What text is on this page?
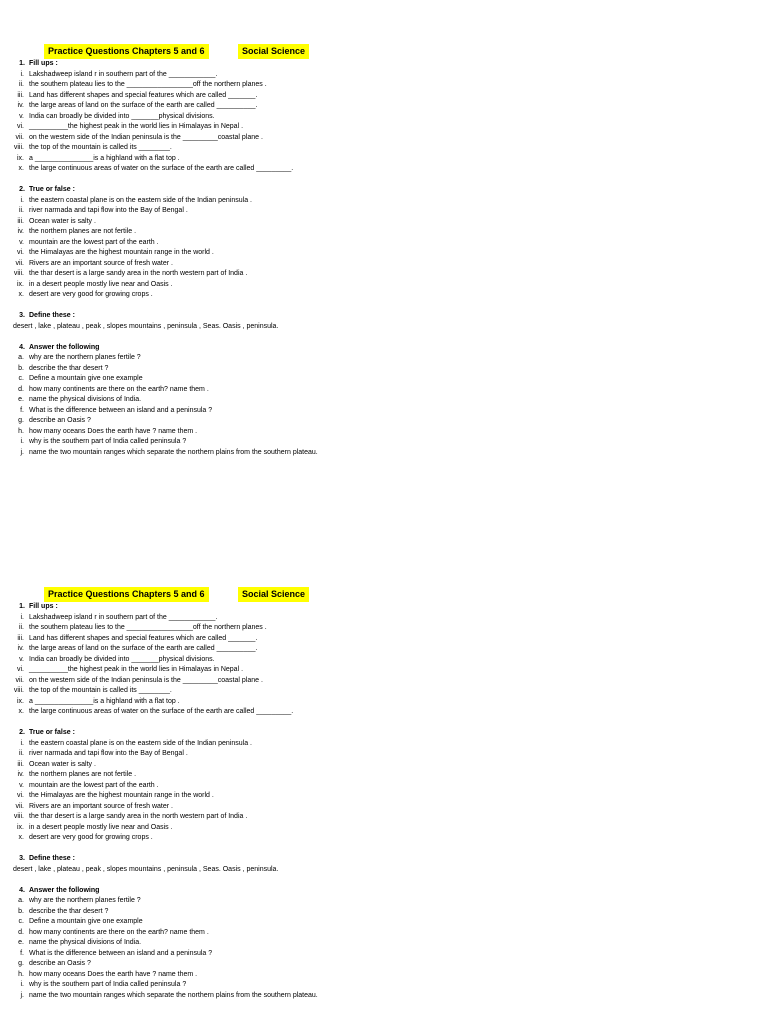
Practice Questions Chapters 5 and 6	Social Science
1. Fill ups :
i. Lakshadweep island r in southern part of the ____________.
ii. the southern plateau lies to the _________________off the northern planes .
iii. Land has different shapes and special features which are called _______.
iv. the large areas of land on the surface of the earth are called __________.
v. India can broadly be divided into _______physical divisions.
vi. __________the highest peak in the world lies in Himalayas in Nepal .
vii. on the western side of the Indian peninsula is the _________coastal plane .
viii. the top of the mountain is called its ________.
ix. a _______________is a highland with a flat top .
x. the large continuous areas of water on the surface of the earth are called _________.
2. True or false :
i. the eastern coastal plane is on the eastern side of the Indian peninsula .
ii. river narmada and tapi flow into the Bay of Bengal .
iii. Ocean water is salty .
iv. the northern planes are not fertile .
v. mountain are the lowest part of the earth .
vi. the Himalayas are the highest mountain range in the world .
vii. Rivers are an important source of fresh water .
viii. the thar desert is a large sandy area in the north western part of India .
ix. in a desert people mostly live near and Oasis .
x. desert are very good for growing crops .
3. Define these :
desert , lake , plateau , peak , slopes mountains , peninsula , Seas. Oasis , peninsula.
4. Answer the following
a. why are the northern planes fertile ?
b. describe the thar desert ?
c. Define a mountain give one example
d. how many continents are there on the earth? name them .
e. name the physical divisions of India.
f. What is the difference between an island and a peninsula ?
g. describe an Oasis ?
h. how many oceans Does the earth have ? name them .
i. why is the southern part of India called peninsula ?
j. name the two mountain ranges which separate the northern plains from the southern plateau.
Practice Questions Chapters 5 and 6	Social Science
1. Fill ups :
i. Lakshadweep island r in southern part of the ____________.
ii. the southern plateau lies to the _________________off the northern planes .
iii. Land has different shapes and special features which are called _______.
iv. the large areas of land on the surface of the earth are called __________.
v. India can broadly be divided into _______physical divisions.
vi. __________the highest peak in the world lies in Himalayas in Nepal .
vii. on the western side of the Indian peninsula is the _________coastal plane .
viii. the top of the mountain is called its ________.
ix. a _______________is a highland with a flat top .
x. the large continuous areas of water on the surface of the earth are called _________.
2. True or false :
i. the eastern coastal plane is on the eastern side of the Indian peninsula .
ii. river narmada and tapi flow into the Bay of Bengal .
iii. Ocean water is salty .
iv. the northern planes are not fertile .
v. mountain are the lowest part of the earth .
vi. the Himalayas are the highest mountain range in the world .
vii. Rivers are an important source of fresh water .
viii. the thar desert is a large sandy area in the north western part of India .
ix. in a desert people mostly live near and Oasis .
x. desert are very good for growing crops .
3. Define these :
desert , lake , plateau , peak , slopes mountains , peninsula , Seas. Oasis , peninsula.
4. Answer the following
a. why are the northern planes fertile ?
b. describe the thar desert ?
c. Define a mountain give one example
d. how many continents are there on the earth? name them .
e. name the physical divisions of India.
f. What is the difference between an island and a peninsula ?
g. describe an Oasis ?
h. how many oceans Does the earth have ? name them .
i. why is the southern part of India called peninsula ?
j. name the two mountain ranges which separate the northern plains from the southern plateau.
